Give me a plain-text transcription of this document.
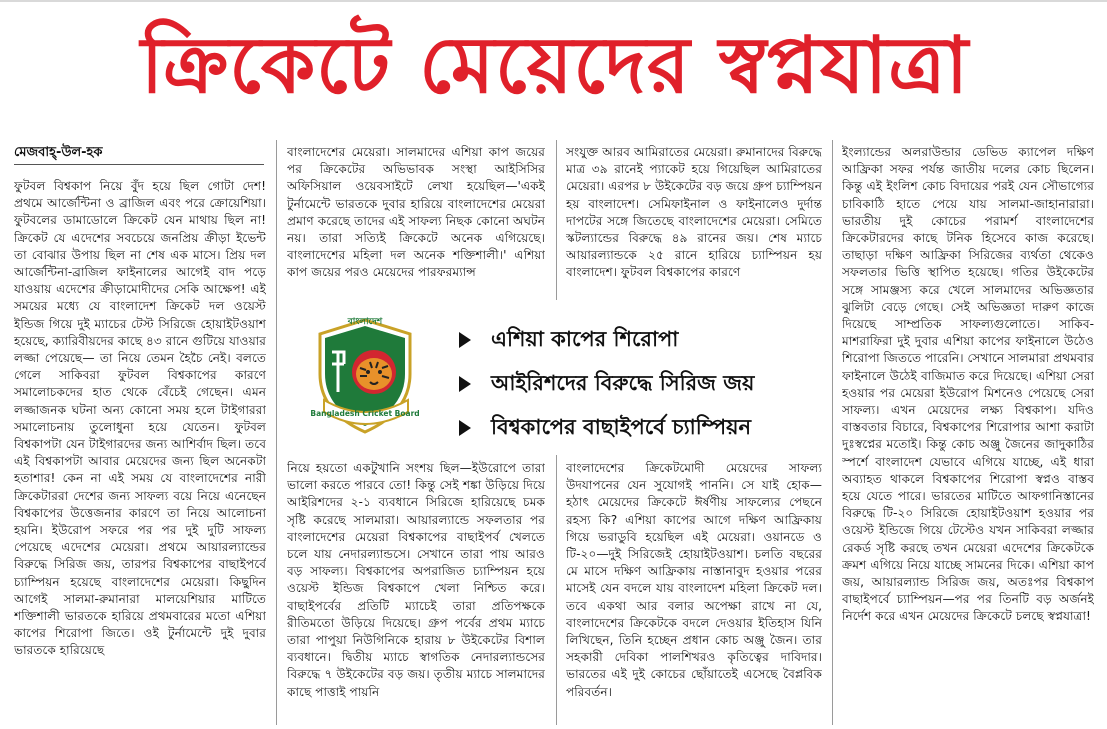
ক্রিকেটে মেয়েদের স্বপ্নযাত্রা
মেজবাহ্-উল-হক

ফুটবল বিশ্বকাপ নিয়ে বুঁদ হয়ে ছিল গোটা দেশ! প্রথমে আর্জেন্টিনা ও ব্রাজিল এবং পরে ক্রোয়েশিয়া। ফুটবলের ডামাডোলে ক্রিকেট যেন মাথায় ছিল না! ক্রিকেট যে এদেশের সবচেয়ে জনপ্রিয় ক্রীড়া ইভেন্ট তা বোঝার উপায় ছিল না শেষ এক মাসে। প্রিয় দল আর্জেন্টিনা-ব্রাজিল ফাইনালের আগেই বাদ পড়ে যাওয়ায় এদেশের ক্রীড়ামোদীদের সেকি আক্ষেপ! এই সময়ের মধ্যে যে বাংলাদেশ ক্রিকেট দল ওয়েস্ট ইন্ডিজ গিয়ে দুই ম্যাচের টেস্ট সিরিজে হোয়াইটওয়াশ হয়েছে, ক্যারিবীয়দের কাছে ৪৩ রানে গুটিয়ে যাওয়ার লজ্জা পেয়েছে— তা নিয়ে তেমন হৈচৈ নেই। বলতে গেলে সাকিবরা ফুটবল বিশ্বকাপের কারণে সমালোচকদের হাত থেকে বেঁচেই গেছেন। এমন লজ্জাজনক ঘটনা অন্য কোনো সময় হলে টাইগাররা সমালোচনায় তুলোধুনা হয়ে যেতেন। ফুটবল বিশ্বকাপটা যেন টাইগারদের জন্য আশির্বাদ ছিল। তবে এই বিশ্বকাপটা আবার মেয়েদের জন্য ছিল অনেকটা হতাশার! কেন না এই সময় যে বাংলাদেশের নারী ক্রিকেটাররা দেশের জন্য সাফল্য বয়ে নিয়ে এনেছেন বিশ্বকাপের উত্তেজনার কারণে তা নিয়ে আলোচনা হয়নি। ইউরোপ সফরে পর পর দুই দুটি সাফল্য পেয়েছে এদেশের মেয়েরা। প্রথমে আয়ারল্যান্ডের বিরুদ্ধে সিরিজ জয়, তারপর বিশ্বকাপের বাছাইপর্বে চ্যাম্পিয়ন হয়েছে বাংলাদেশের মেয়েরা। কিছুদিন আগেই সালমা-রুমানারা মালয়েশিয়ার মাটিতে শক্তিশালী ভারতকে হারিয়ে প্রথমবারের মতো এশিয়া কাপের শিরোপা জিতে। ওই টুর্নামেন্টে দুই দুবার ভারতকে হারিয়েছে

বাংলাদেশের মেয়েরা। সালমাদের এশিয়া কাপ জয়ের পর ক্রিকেটের অভিভাবক সংস্থা আইসিসির অফিসিয়াল ওয়েবসাইটে লেখা হয়েছিল—'একই টুর্নামেন্টে ভারতকে দুবার হারিয়ে বাংলাদেশের মেয়েরা প্রমাণ করেছে তাদের এই সাফল্য নিছক কোনো অঘটন নয়। তারা সত্যিই ক্রিকেটে অনেক এগিয়েছে। বাংলাদেশের মহিলা দল অনেক শক্তিশালী।' এশিয়া কাপ জয়ের পরও মেয়েদের পারফরম্যান্স

সংযুক্ত আরব আমিরাতের মেয়েরা। রুমানাদের বিরুদ্ধে মাত্র ৩৯ রানেই প্যাকেট হয়ে গিয়েছিল আমিরাতের মেয়েরা। এরপর ৮ উইকেটের বড় জয়ে গ্রুপ চ্যাম্পিয়ন হয় বাংলাদেশ। সেমিফাইনাল ও ফাইনালেও দুর্দান্ত দাপটের সঙ্গে জিতেছে বাংলাদেশের মেয়েরা। সেমিতে স্কটল্যান্ডের বিরুদ্ধে ৪৯ রানের জয়। শেষ ম্যাচে আয়ারল্যান্ডকে ২৫ রানে হারিয়ে চ্যাম্পিয়ন হয় বাংলাদেশ। ফুটবল বিশ্বকাপের কারণে

Bangladesh Cricket Board
বাংলাদেশ
এশিয়া কাপের শিরোপা
আইরিশদের বিরুদ্ধে সিরিজ জয়
বিশ্বকাপের বাছাইপর্বে চ্যাম্পিয়ন

নিয়ে হয়তো একটুখানি সংশয় ছিল—ইউরোপে তারা ভালো করতে পারবে তো! কিন্তু সেই শঙ্কা উড়িয়ে দিয়ে আইরিশদের ২-১ ব্যবধানে সিরিজে হারিয়েছে চমক সৃষ্টি করেছে সালমারা। আয়ারল্যান্ডে সফলতার পর বাংলাদেশের মেয়েরা বিশ্বকাপের বাছাইপর্ব খেলতে চলে যায় নেদারল্যান্ডসে। সেখানে তারা পায় আরও বড় সাফল্য। বিশ্বকাপের অপরাজিত চ্যাম্পিয়ন হয়ে ওয়েস্ট ইন্ডিজ বিশ্বকাপে খেলা নিশ্চিত করে। বাছাইপর্বের প্রতিটি ম্যাচেই তারা প্রতিপক্ষকে রীতিমতো উড়িয়ে দিয়েছে। গ্রুপ পর্বের প্রথম ম্যাচে তারা পাপুয়া নিউগিনিকে হারায় ৮ উইকেটের বিশাল ব্যবধানে। দ্বিতীয় ম্যাচে স্বাগতিক নেদারল্যান্ডসের বিরুদ্ধে ৭ উইকেটের বড় জয়। তৃতীয় ম্যাচে সালমাদের কাছে পাত্তাই পায়নি

বাংলাদেশের ক্রিকেটমোদী মেয়েদের সাফল্য উদযাপনের যেন সুযোগই পাননি। সে যাই হোক— হঠাৎ মেয়েদের ক্রিকেটে ঈর্ষণীয় সাফল্যের পেছনে রহস্য কি? এশিয়া কাপের আগে দক্ষিণ আফ্রিকায় গিয়ে ভরাডুবি হয়েছিল এই মেয়েরা। ওয়ানডে ও টি-২০—দুই সিরিজেই হোয়াইটওয়াশ। চলতি বছরের মে মাসে দক্ষিণ আফ্রিকায় নাস্তানাবুদ হওয়ার পরের মাসেই যেন বদলে যায় বাংলাদেশ মহিলা ক্রিকেট দল। তবে একথা আর বলার অপেক্ষা রাখে না যে, বাংলাদেশের ক্রিকেটকে বদলে দেওয়ার ইতিহাস যিনি লিখিছেন, তিনি হচ্ছেন প্রধান কোচ অঞ্জু জৈন। তার সহকারী দেবিকা পালশিখরও কৃতিত্বের দাবিদার। ভারতের এই দুই কোচের ছোঁয়াতেই এসেছে বৈপ্লবিক পরিবর্তন।

ইংল্যান্ডের অলরাউন্ডার ডেভিড ক্যাপেল দক্ষিণ আফ্রিকা সফর পর্যন্ত জাতীয় দলের কোচ ছিলেন। কিন্তু এই ইংলিশ কোচ বিদায়ের পরই যেন সৌভাগ্যের চাবিকাঠি হাতে পেয়ে যায় সালমা-জাহানারারা। ভারতীয় দুই কোচের পরামর্শ বাংলাদেশের ক্রিকেটারদের কাছে টনিক হিসেবে কাজ করেছে। তাছাড়া দক্ষিণ আফ্রিকা সিরিজের ব্যর্থতা থেকেও সফলতার ভিত্তি স্থাপিত হয়েছে। গতির উইকেটের সঙ্গে সামঞ্জস্য করে খেলে সালমাদের অভিজ্ঞতার ঝুলিটা বেড়ে গেছে। সেই অভিজ্ঞতা দারুণ কাজে দিয়েছে সাম্প্রতিক সাফল্যগুলোতে। সাকিব-মাশরাফিরা দুই দুবার এশিয়া কাপের ফাইনালে উঠেও শিরোপা জিততে পারেনি। সেখানে সালমারা প্রথমবার ফাইনালে উঠেই বাজিমাত করে দিয়েছে। এশিয়া সেরা হওয়ার পর মেয়েরা ইউরোপ মিশনেও পেয়েছে সেরা সাফল্য। এখন মেয়েদের লক্ষ্য বিশ্বকাপ। যদিও বাস্তবতার বিচারে, বিশ্বকাপের শিরোপার আশা করাটা দুঃস্বপ্নের মতোই। কিন্তু কোচ অঞ্জু জৈনের জাদুকাঠির স্পর্শে বাংলাদেশ যেভাবে এগিয়ে যাচ্ছে, এই ধারা অব্যাহত থাকলে বিশ্বকাপের শিরোপা স্বপ্নও বাস্তব হয়ে যেতে পারে। ভারতের মাটিতে আফগানিস্তানের বিরুদ্ধে টি-২০ সিরিজে হোয়াইটওয়াশ হওয়ার পর ওয়েস্ট ইন্ডিজে গিয়ে টেস্টেও যখন সাকিবরা লজ্জার রেকর্ড সৃষ্টি করছে তখন মেয়েরা এদেশের ক্রিকেটকে ক্রমশ এগিয়ে নিয়ে যাচ্ছে সামনের দিকে। এশিয়া কাপ জয়, আয়ারল্যান্ড সিরিজ জয়, অতঃপর বিশ্বকাপ বাছাইপর্বে চ্যাম্পিয়ন—পর পর তিনটি বড় অর্জনই নির্দেশ করে এখন মেয়েদের ক্রিকেটে চলছে স্বপ্নযাত্রা!
